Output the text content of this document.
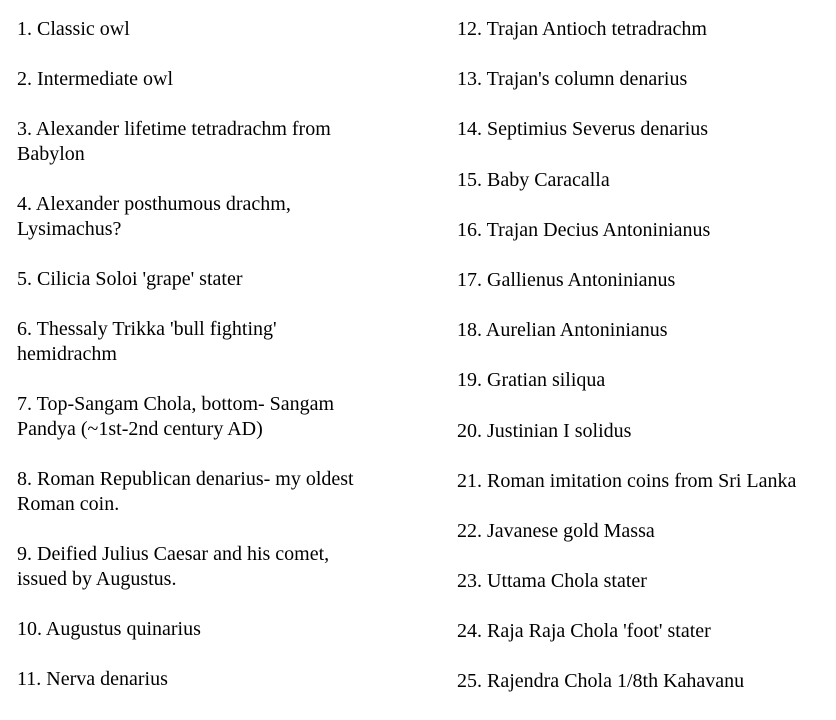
1. Classic owl
2. Intermediate owl
3. Alexander lifetime tetradrachm from Babylon
4. Alexander posthumous drachm, Lysimachus?
5. Cilicia Soloi 'grape' stater
6. Thessaly Trikka 'bull fighting' hemidrachm
7. Top-Sangam Chola, bottom- Sangam Pandya (~1st-2nd century AD)
8. Roman Republican denarius- my oldest Roman coin.
9. Deified Julius Caesar and his comet, issued by Augustus.
10. Augustus quinarius
11. Nerva denarius
12. Trajan Antioch tetradrachm
13. Trajan's column denarius
14. Septimius Severus denarius
15. Baby Caracalla
16. Trajan Decius Antoninianus
17. Gallienus Antoninianus
18. Aurelian Antoninianus
19. Gratian siliqua
20. Justinian I solidus
21. Roman imitation coins from Sri Lanka
22. Javanese gold Massa
23. Uttama Chola stater
24. Raja Raja Chola 'foot' stater
25. Rajendra Chola 1/8th Kahavanu
